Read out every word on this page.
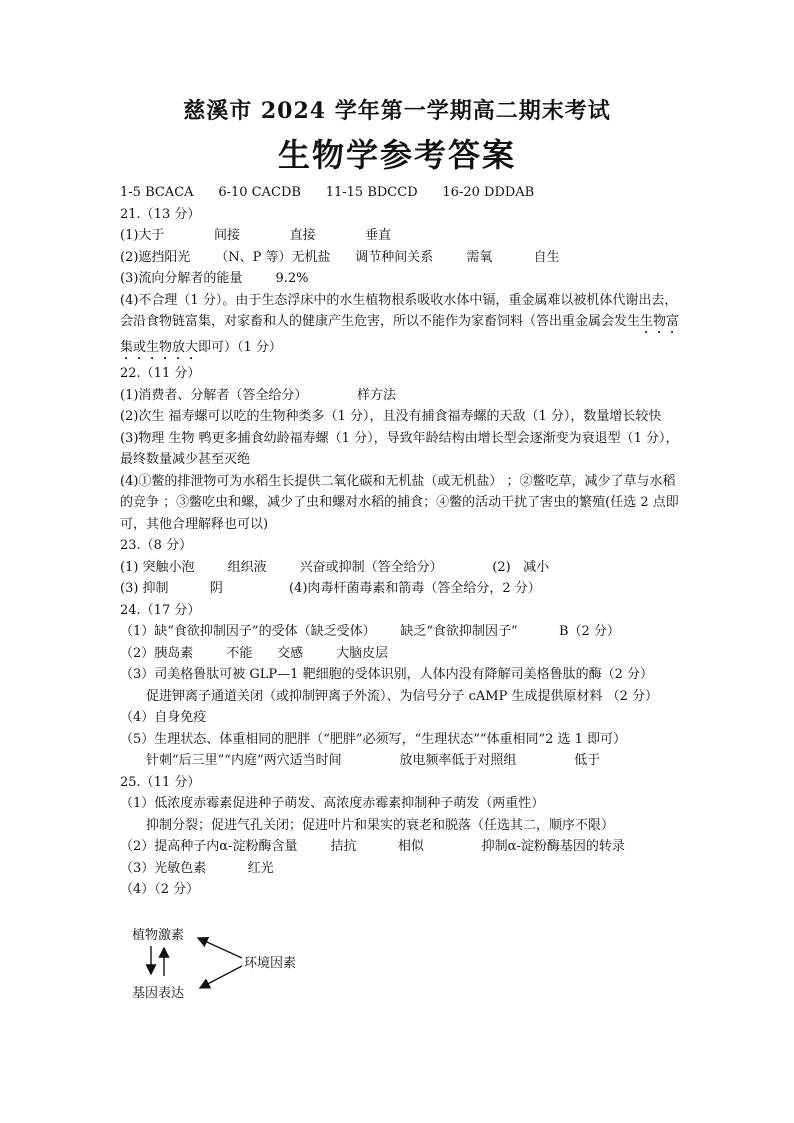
慈溪市 2024 学年第一学期高二期末考试
生物学参考答案
1-5 BCACA      6-10 CACDB      11-15 BDCCD      16-20 DDDAB
21.（13 分）
(1)大于            间接            直接            垂直
(2)遮挡阳光      （N、P 等）无机盐      调节种间关系        需氧          自生
(3)流向分解者的能量        9.2%
(4)不合理（1 分）。由于生态浮床中的水生植物根系吸收水体中镉，重金属难以被机体代谢出去，会沿食物链富集，对家畜和人的健康产生危害，所以不能作为家畜饲料（答出重金属会发生生物富集或生物放大即可）（1 分）
22.（11 分）
(1)消费者、分解者（答全给分）            样方法
(2)次生 福寿螺可以吃的生物种类多（1 分），且没有捕食福寿螺的天敌（1 分），数量增长较快
(3)物理 生物 鸭更多捕食幼龄福寿螺（1 分），导致年龄结构由增长型会逐渐变为衰退型（1 分），最终数量减少甚至灭绝
(4)①鳖的排泄物可为水稻生长提供二氧化碳和无机盐（或无机盐） ；②鳖吃草，减少了草与水稻的竞争 ；③鳖吃虫和螺，减少了虫和螺对水稻的捕食；④鳖的活动干扰了害虫的繁殖(任选 2 点即可，其他合理解释也可以)
23.（8 分）
(1) 突触小泡        组织液        兴奋或抑制（答全给分）            (2)   减小
(3) 抑制          阴                (4)肉毒杆菌毒素和箭毒（答全给分，2 分）
24.（17 分）
（1）缺“食欲抑制因子”的受体（缺乏受体）      缺乏“食欲抑制因子”          B（2 分）
（2）胰岛素        不能      交感        大脑皮层
（3）司美格鲁肽可被 GLP—1 靶细胞的受体识别，人体内没有降解司美格鲁肽的酶（2 分）
促进钾离子通道关闭（或抑制钾离子外流）、为信号分子 cAMP 生成提供原材料 （2 分）
（4）自身免疫
（5）生理状态、体重相同的肥胖（“肥胖”必须写，“生理状态”“体重相同”2 选 1 即可）
针刺“后三里”“内庭”两穴适当时间              放电频率低于对照组              低于
25.（11 分）
（1）低浓度赤霉素促进种子萌发、高浓度赤霉素抑制种子萌发（两重性）
抑制分裂；促进气孔关闭；促进叶片和果实的衰老和脱落（任选其二，顺序不限）
（2）提高种子内α-淀粉酶含量        拮抗          相似              抑制α-淀粉酶基因的转录
（3）光敏色素          红光
（4）（2 分）
植物激素
环境因素
基因表达
